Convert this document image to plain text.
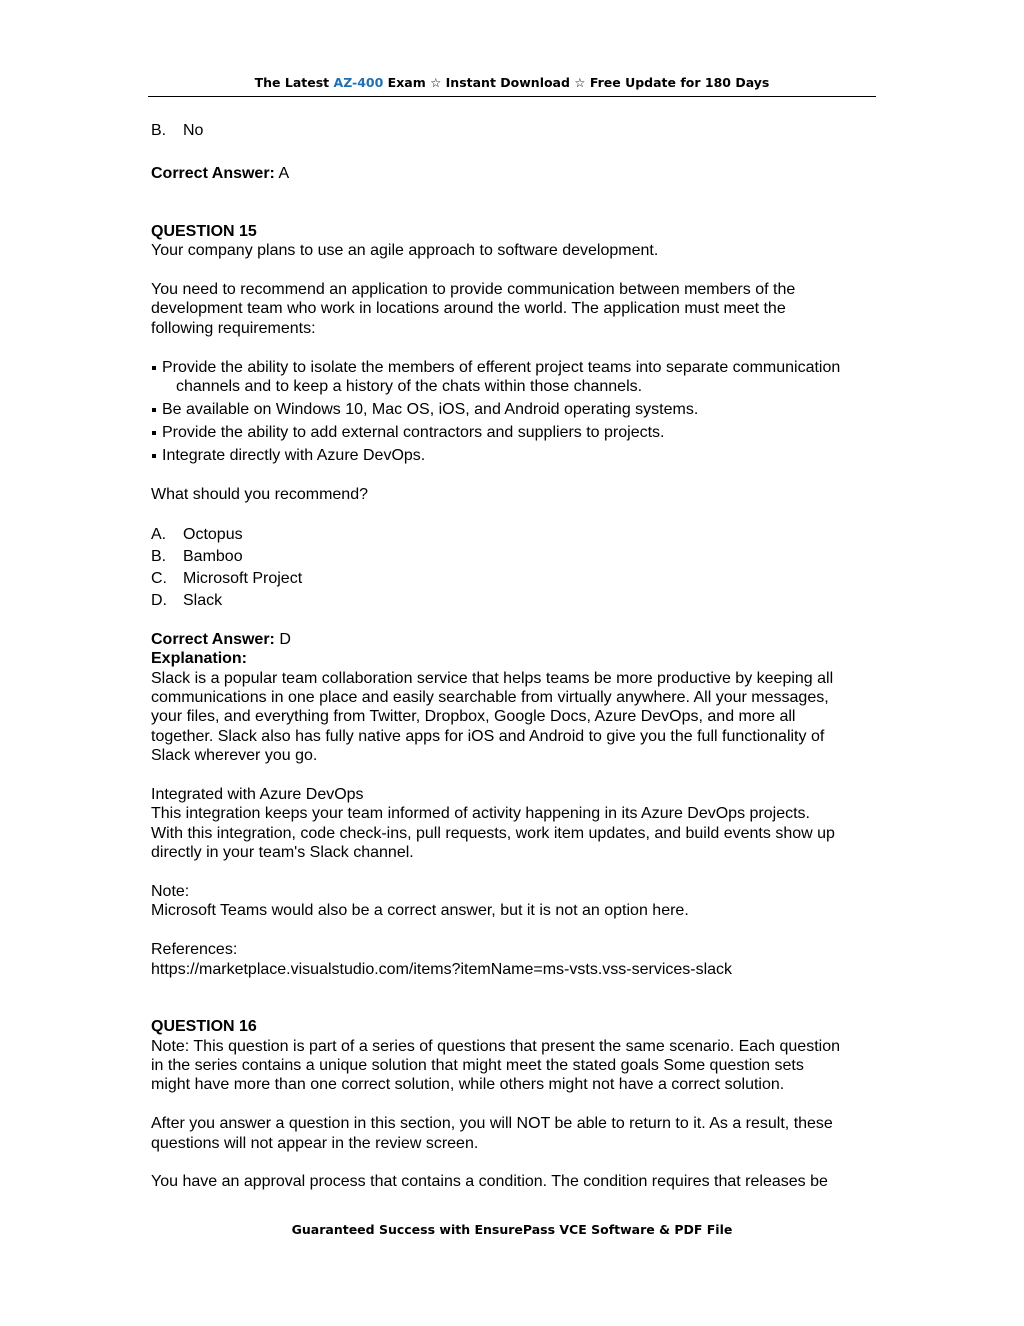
The Latest AZ-400 Exam ☆ Instant Download ☆ Free Update for 180 Days
B.	No

Correct Answer: A

QUESTION 15

Your company plans to use an agile approach to software development.

You need to recommend an application to provide communication between members of the

development team who work in locations around the world. The application must meet the

following requirements:

Provide the ability to isolate the members of efferent project teams into separate communication
channels and to keep a history of the chats within those channels.
Be available on Windows 10, Mac OS, iOS, and Android operating systems.
Provide the ability to add external contractors and suppliers to projects.
Integrate directly with Azure DevOps.

What should you recommend?

A.	Octopus
B.	Bamboo
C.	Microsoft Project
D.	Slack

Correct Answer: D

Explanation:

Slack is a popular team collaboration service that helps teams be more productive by keeping all

communications in one place and easily searchable from virtually anywhere. All your messages,

your files, and everything from Twitter, Dropbox, Google Docs, Azure DevOps, and more all

together. Slack also has fully native apps for iOS and Android to give you the full functionality of

Slack wherever you go.

Integrated with Azure DevOps

This integration keeps your team informed of activity happening in its Azure DevOps projects.

With this integration, code check-ins, pull requests, work item updates, and build events show up

directly in your team's Slack channel.

Note:

Microsoft Teams would also be a correct answer, but it is not an option here.

References:

https://marketplace.visualstudio.com/items?itemName=ms-vsts.vss-services-slack

QUESTION 16

Note: This question is part of a series of questions that present the same scenario. Each question

in the series contains a unique solution that might meet the stated goals Some question sets

might have more than one correct solution, while others might not have a correct solution.

After you answer a question in this section, you will NOT be able to return to it. As a result, these

questions will not appear in the review screen.

You have an approval process that contains a condition. The condition requires that releases be

Guaranteed Success with EnsurePass VCE Software & PDF File
